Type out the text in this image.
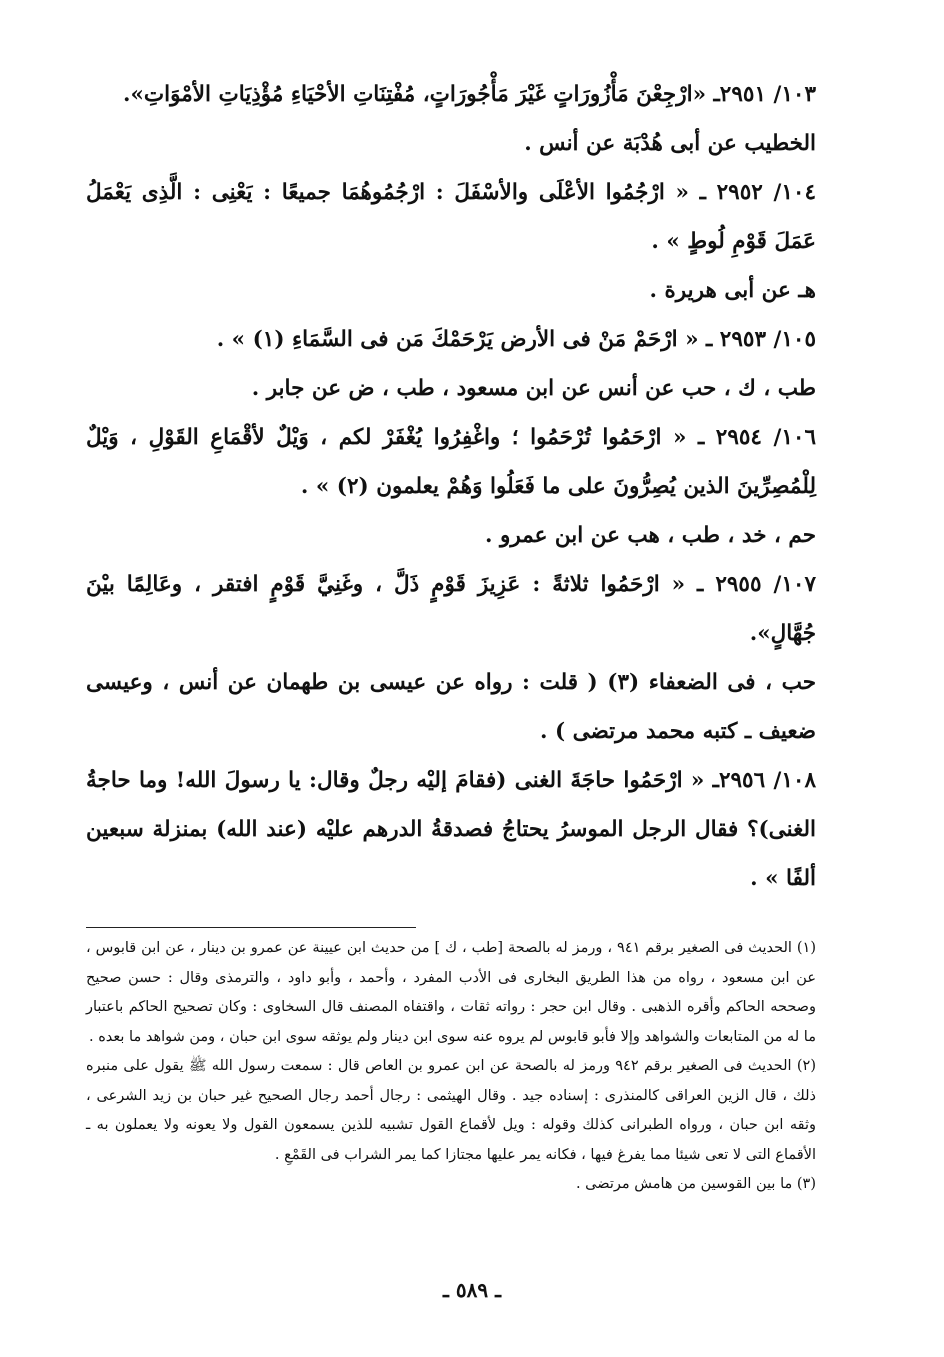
١٠٣/ ٢٩٥١ـ «ارْجِعْنَ مَأْزُورَاتٍ غَيْرَ مَأْجُورَاتٍ، مُفْتِنَاتِ الأحْيَاءِ مُؤْذِيَاتِ الأمْوَاتِ».

الخطيب عن أبى هُدْبَة عن أنس .

١٠٤/ ٢٩٥٢ ـ « ارْجُمُوا الأعْلَى والأسْفَلَ : ارْجُمُوهُمَا جميعًا : يَعْنِى : الَّذِى يَعْمَلُ عَمَلَ قَوْمِ لُوطٍ » .

هـ عن أبى هريرة .

١٠٥/ ٢٩٥٣ ـ « ارْحَمْ مَنْ فى الأرض يَرْحَمْكَ مَن فى السَّمَاءِ (١) » .

طب ، ك ، حب عن أنس عن ابن مسعود ، طب ، ض عن جابر .

١٠٦/ ٢٩٥٤ ـ « ارْحَمُوا تُرْحَمُوا ؛ واغْفِرُوا يُغْفَرْ لكم ، وَيْلٌ لأقْمَاعِ القَوْلِ ، وَيْلٌ لِلْمُصِرِّينَ الذين يُصِرُّونَ على ما فَعَلُوا وَهُمْ يعلمون (٢) » .

حم ، خد ، طب ، هب عن ابن عمرو .

١٠٧/ ٢٩٥٥ ـ « ارْحَمُوا ثلاثةً : عَزِيزَ قَوْمٍ ذَلَّ ، وغَنِيَّ قَوْمٍ افتقر ، وعَالِمًا بيْنَ جُهَّالٍ».

حب ، فى الضعفاء (٣) ( قلت : رواه عن عيسى بن طهمان عن أنس ، وعيسى ضعيف ـ كتبه محمد مرتضى ) .

١٠٨/ ٢٩٥٦ـ « ارْحَمُوا حاجَةَ الغنى (فقامَ إليْه رجلٌ وقال: يا رسولَ الله! وما حاجةُ الغنى)؟ فقال الرجل الموسرُ يحتاجُ فصدقةُ الدرهم عليْه (عند الله) بمنزلة سبعين ألفًا » .

(١) الحديث فى الصغير برقم ٩٤١ ، ورمز له بالصحة [طب ، ك ] من حديث ابن عيينة عن عمرو بن دينار ، عن ابن قابوس ، عن ابن مسعود ، رواه من هذا الطريق البخارى فى الأدب المفرد ، وأحمد ، وأبو داود ، والترمذى وقال : حسن صحيح وصححه الحاكم وأقره الذهبى . وقال ابن حجر : رواته ثقات ، واقتفاه المصنف قال السخاوى : وكان تصحيح الحاكم باعتبار ما له من المتابعات والشواهد وإلا فأبو قابوس لم يروه عنه سوى ابن دينار ولم يوثقه سوى ابن حبان ، ومن شواهد ما بعده .

(٢) الحديث فى الصغير برقم ٩٤٢ ورمز له بالصحة عن ابن عمرو بن العاص قال : سمعت رسول الله ﷺ يقول على منبره ذلك ، قال الزين العراقى كالمنذرى : إسناده جيد . وقال الهيثمى : رجال أحمد رجال الصحيح غير حبان بن زيد الشرعى ، وثقه ابن حبان ، ورواه الطبرانى كذلك وقوله : ويل لأقماع القول تشبيه للذين يسمعون القول ولا يعونه ولا يعملون به ـ الأقماع التى لا تعى شيئا مما يفرغ فيها ، فكانه يمر عليها مجتازا كما يمر الشراب فى القَمْعِ .

(٣) ما بين القوسين من هامش مرتضى .

ـ ٥٨٩ ـ
